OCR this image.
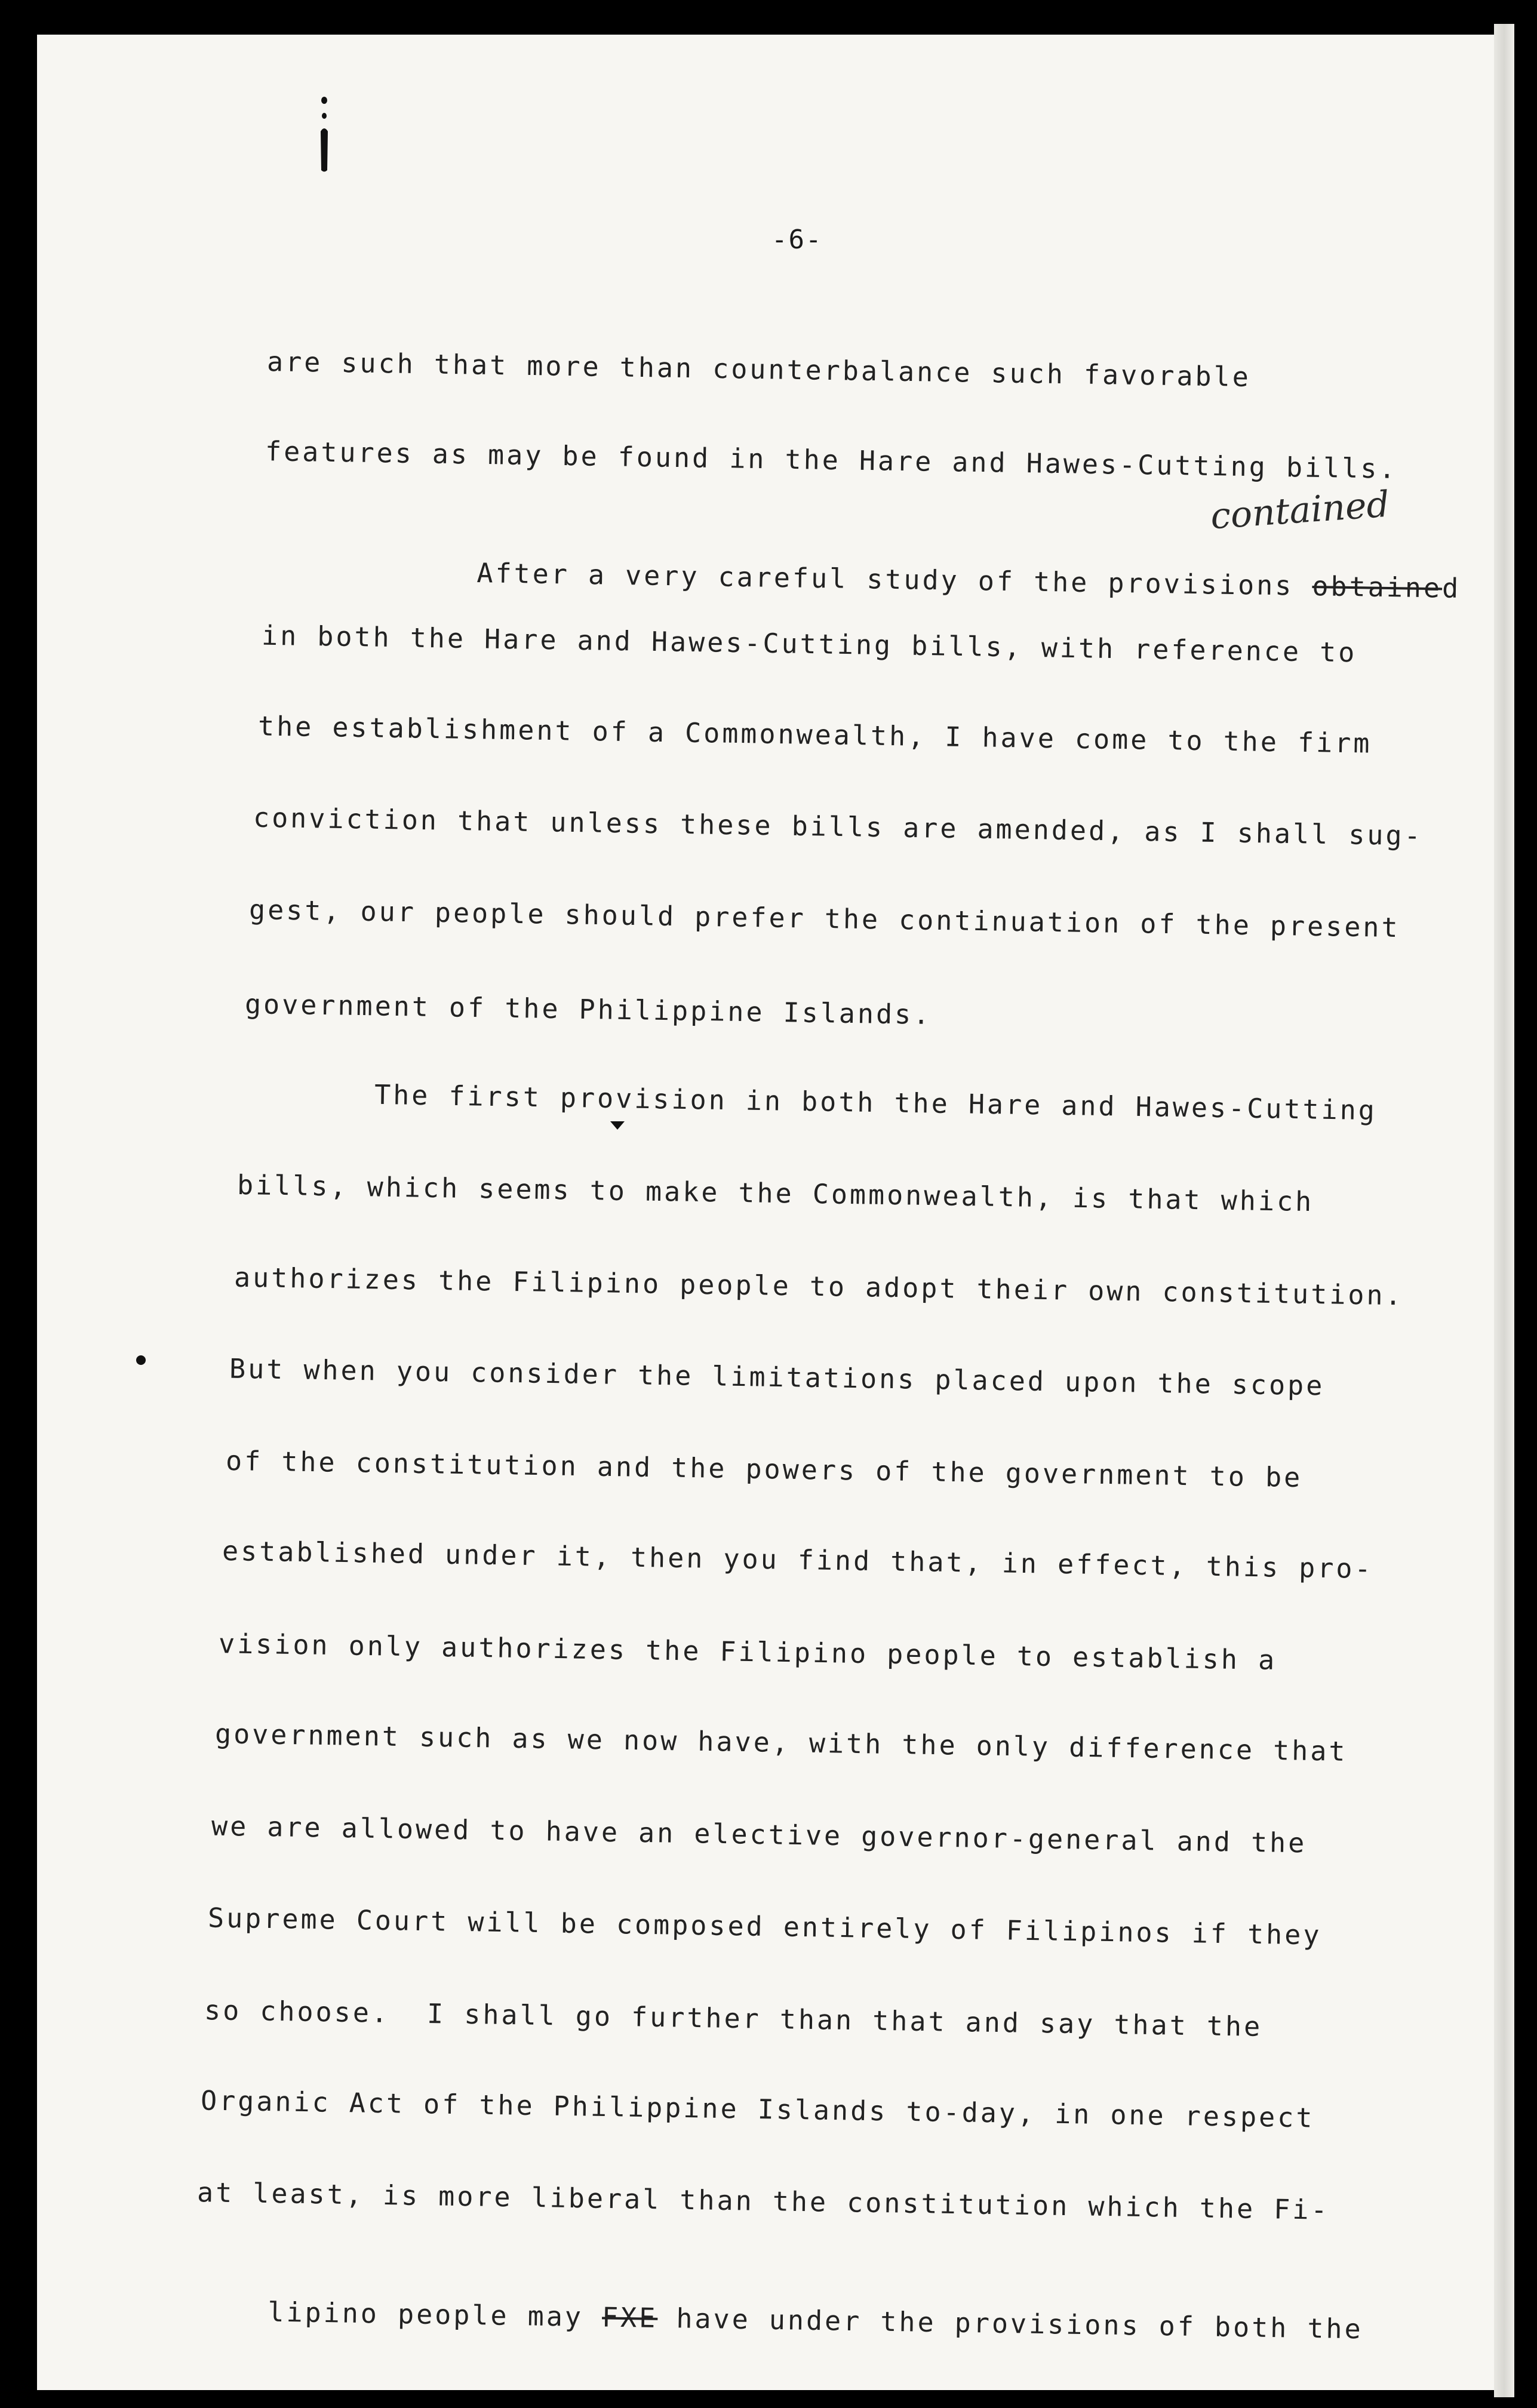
-6-
are such that more than counterbalance such favorable
features as may be found in the Hare and Hawes-Cutting bills.

After a very careful study of the provisions obtained

contained
in both the Hare and Hawes-Cutting bills, with reference to
the establishment of a Commonwealth, I have come to the firm
conviction that unless these bills are amended, as I shall sug-
gest, our people should prefer the continuation of the present
government of the Philippine Islands.
The first provision in both the Hare and Hawes-Cutting
bills, which seems to make the Commonwealth, is that which
authorizes the Filipino people to adopt their own constitution.
But when you consider the limitations placed upon the scope
of the constitution and the powers of the government to be
established under it, then you find that, in effect, this pro-
vision only authorizes the Filipino people to establish a
government such as we now have, with the only difference that
we are allowed to have an elective governor-general and the
Supreme Court will be composed entirely of Filipinos if they
so choose.  I shall go further than that and say that the
Organic Act of the Philippine Islands to-day, in one respect
at least, is more liberal than the constitution which the Fi-

lipino people may FXE have under the provisions of both the
